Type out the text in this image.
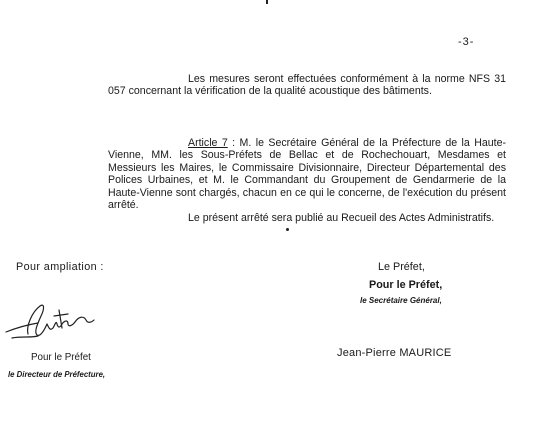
-3-
Les mesures seront effectuées conformément à la norme NFS 31 057 concernant la vérification de la qualité acoustique des bâtiments.
Article 7 : M. le Secrétaire Général de la Préfecture de la Haute-Vienne, MM. les Sous-Préfets de Bellac et de Rochechouart, Mesdames et Messieurs les Maires, le Commissaire Divisionnaire, Directeur Départemental des Polices Urbaines, et M. le Commandant du Groupement de Gendarmerie de la Haute-Vienne sont chargés, chacun en ce qui le concerne, de l'exécution du présent arrêté.
Le présent arrêté sera publié au Recueil des Actes Administratifs.
Pour ampliation :
Pour le Préfet
le Directeur de Préfecture,
Le Préfet,
Pour le Préfet,
le Secrétaire Général,
Jean-Pierre MAURICE
